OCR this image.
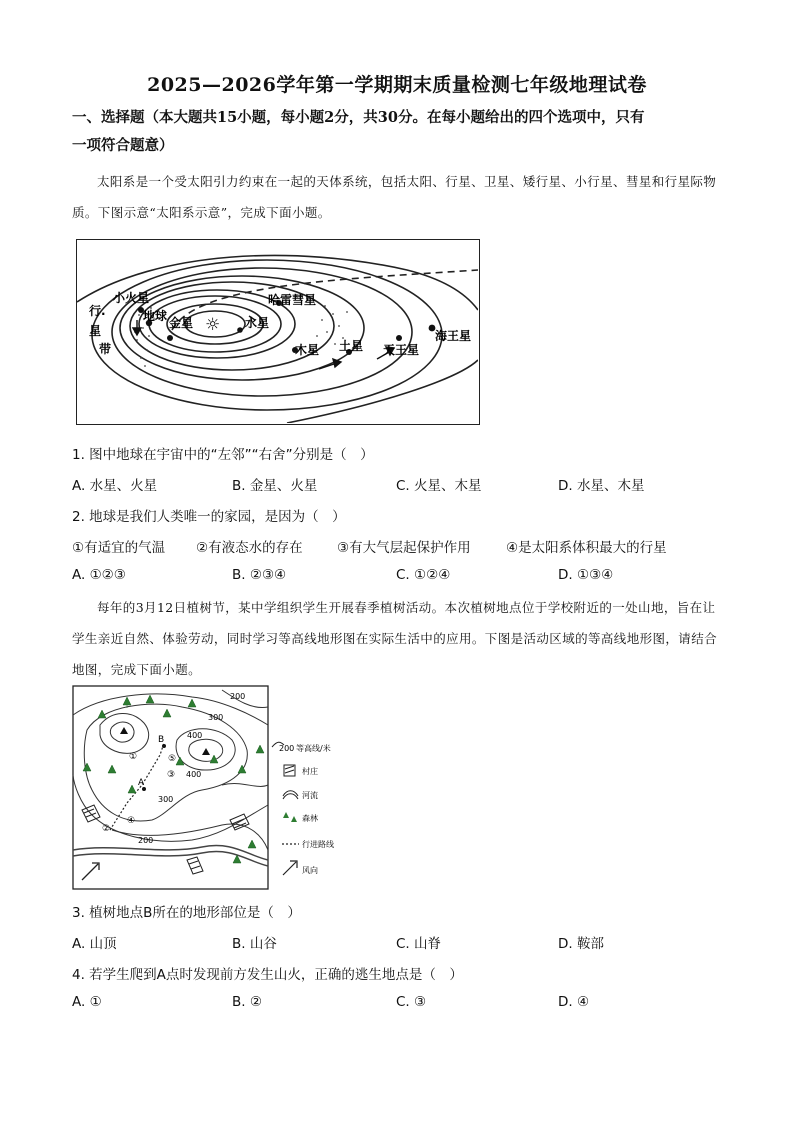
2025—2026学年第一学期期末质量检测七年级地理试卷
一、选择题（本大题共15小题，每小题2分，共30分。在每小题给出的四个选项中，只有
一项符合题意）
太阳系是一个受太阳引力约束在一起的天体系统，包括太阳、行星、卫星、矮行星、小行星、彗星和行星际物质。下图示意“太阳系示意”，完成下面小题。
小火星
行.
星
带
地球 金星 ☼ 水星
哈雷彗星
木星 土星 天王星
海王星
1. 图中地球在宇宙中的“左邻”“右舍”分别是（　）
A. 水星、火星	B. 金星、火星	C. 火星、木星	D. 水星、木星
2. 地球是我们人类唯一的家园，是因为（　）
①有适宜的气温 ②有液态水的存在	③有大气层起保护作用	④是太阳系体积最大的行星
A. ①②③	B. ②③④	C. ①②④	D. ①③④
每年的3月12日植树节，某中学组织学生开展春季植树活动。本次植树地点位于学校附近的一处山地，旨在让学生亲近自然、体验劳动，同时学习等高线地形图在实际生活中的应用。下图是活动区域的等高线地形图，请结合地图，完成下面小题。
B
A
①
②
③
④
⑤
200
300
400
400
300
200
200 等高线/米
村庄
河流
森林
行进路线
风向
3. 植树地点B所在的地形部位是（　）
A. 山顶	B. 山谷	C. 山脊	D. 鞍部
4. 若学生爬到A点时发现前方发生山火，正确的逃生地点是（　）
A. ①	B. ②	C. ③	D. ④
